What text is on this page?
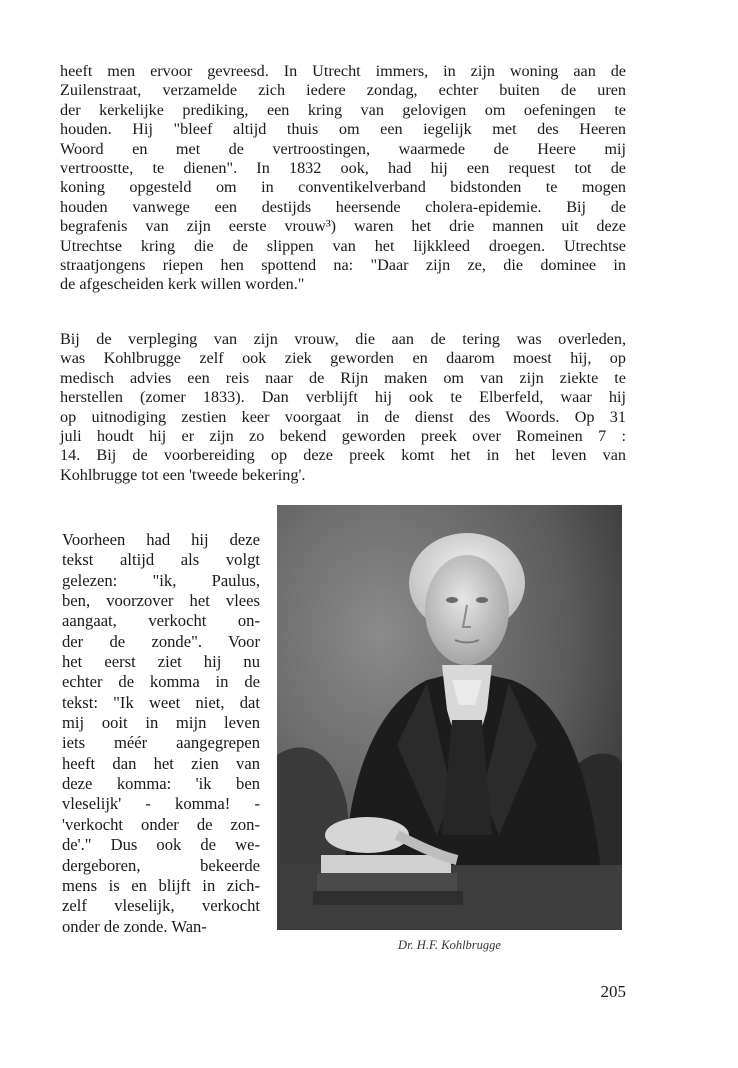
heeft men ervoor gevreesd. In Utrecht immers, in zijn woning aan de
Zuilenstraat, verzamelde zich iedere zondag, echter buiten de uren
der kerkelijke prediking, een kring van gelovigen om oefeningen te
houden. Hij "bleef altijd thuis om een iegelijk met des Heeren
Woord en met de vertroostingen, waarmede de Heere mij
vertroostte, te dienen". In 1832 ook, had hij een request tot de
koning opgesteld om in conventikelverband bidstonden te mogen
houden vanwege een destijds heersende cholera-epidemie. Bij de
begrafenis van zijn eerste vrouw³) waren het drie mannen uit deze
Utrechtse kring die de slippen van het lijkkleed droegen. Utrechtse
straatjongens riepen hen spottend na: "Daar zijn ze, die dominee in
de afgescheiden kerk willen worden."
Bij de verpleging van zijn vrouw, die aan de tering was overleden,
was Kohlbrugge zelf ook ziek geworden en daarom moest hij, op
medisch advies een reis naar de Rijn maken om van zijn ziekte te
herstellen (zomer 1833). Dan verblijft hij ook te Elberfeld, waar hij
op uitnodiging zestien keer voorgaat in de dienst des Woords. Op 31
juli houdt hij er zijn zo bekend geworden preek over Romeinen 7 :
14. Bij de voorbereiding op deze preek komt het in het leven van
Kohlbrugge tot een 'tweede bekering'.
Voorheen had hij deze
tekst altijd als volgt
gelezen: "ik, Paulus,
ben, voorzover het vlees
aangaat, verkocht on-
der de zonde". Voor
het eerst ziet hij nu
echter de komma in de
tekst: "Ik weet niet, dat
mij ooit in mijn leven
iets méér aangegrepen
heeft dan het zien van
deze komma: 'ik ben
vleselijk' - komma! -
'verkocht onder de zon-
de'." Dus ook de we-
dergeboren, bekeerde
mens is en blijft in zich-
zelf vleselijk, verkocht
onder de zonde. Wan-
Dr. H.F. Kohlbrugge
205
